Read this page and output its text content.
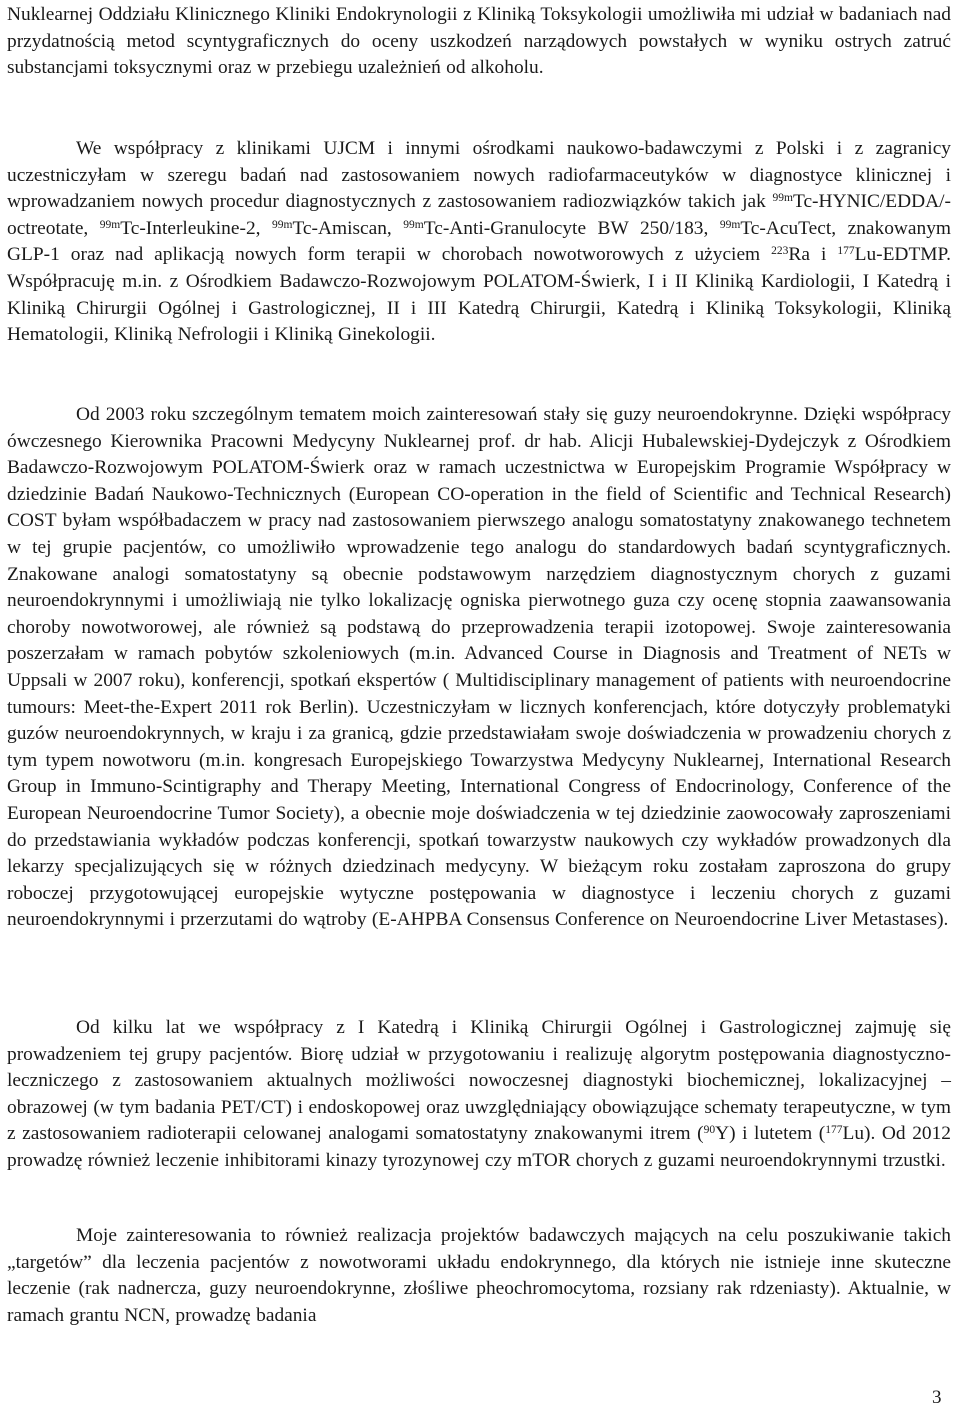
Nuklearnej Oddziału Klinicznego Kliniki Endokrynologii z Kliniką Toksykologii umożliwiła mi udział w badaniach nad przydatnością metod scyntygraficznych do oceny uszkodzeń narządowych powstałych w wyniku ostrych zatruć substancjami toksycznymi oraz w przebiegu uzależnień od alkoholu.

We współpracy z klinikami UJCM i innymi ośrodkami naukowo-badawczymi z Polski i z zagranicy uczestniczyłam w szeregu badań nad zastosowaniem nowych radiofarmaceutyków w diagnostyce klinicznej i wprowadzaniem nowych procedur diagnostycznych z zastosowaniem radiozwiązków takich jak $^{99m}$Tc-HYNIC/EDDA/-octreotate, $^{99m}$Tc-Interleukine-2, $^{99m}$Tc-Amiscan, $^{99m}$Tc-Anti-Granulocyte BW 250/183, $^{99m}$Tc-AcuTect, znakowanym GLP-1 oraz nad aplikacją nowych form terapii w chorobach nowotworowych z użyciem $^{223}$Ra i $^{177}$Lu-EDTMP. Współpracuję m.in. z Ośrodkiem Badawczo-Rozwojowym POLATOM-Świerk, I i II Kliniką Kardiologii, I Katedrą i Kliniką Chirurgii Ogólnej i Gastrologicznej, II i III Katedrą Chirurgii, Katedrą i Kliniką Toksykologii, Kliniką Hematologii, Kliniką Nefrologii i Kliniką Ginekologii.

Od 2003 roku szczególnym tematem moich zainteresowań stały się guzy neuroendokrynne. Dzięki współpracy ówczesnego Kierownika Pracowni Medycyny Nuklearnej prof. dr hab. Alicji Hubalewskiej-Dydejczyk z Ośrodkiem Badawczo-Rozwojowym POLATOM-Świerk oraz w ramach uczestnictwa w Europejskim Programie Współpracy w dziedzinie Badań Naukowo-Technicznych (European CO-operation in the field of Scientific and Technical Research) COST byłam współbadaczem w pracy nad zastosowaniem pierwszego analogu somatostatyny znakowanego technetem w tej grupie pacjentów, co umożliwiło wprowadzenie tego analogu do standardowych badań scyntygraficznych. Znakowane analogi somatostatyny są obecnie podstawowym narzędziem diagnostycznym chorych z guzami neuroendokrynnymi i umożliwiają nie tylko lokalizację ogniska pierwotnego guza czy ocenę stopnia zaawansowania choroby nowotworowej, ale również są podstawą do przeprowadzenia terapii izotopowej. Swoje zainteresowania poszerzałam w ramach pobytów szkoleniowych (m.in. Advanced Course in Diagnosis and Treatment of NETs w Uppsali w 2007 roku), konferencji, spotkań ekspertów ( Multidisciplinary management of patients with neuroendocrine tumours: Meet-the-Expert 2011 rok Berlin). Uczestniczyłam w licznych konferencjach, które dotyczyły problematyki guzów neuroendokrynnych, w kraju i za granicą, gdzie przedstawiałam swoje doświadczenia w prowadzeniu chorych z tym typem nowotworu (m.in. kongresach Europejskiego Towarzystwa Medycyny Nuklearnej, International Research Group in Immuno-Scintigraphy and Therapy Meeting, International Congress of Endocrinology, Conference of the European Neuroendocrine Tumor Society), a obecnie moje doświadczenia w tej dziedzinie zaowocowały zaproszeniami do przedstawiania wykładów podczas konferencji, spotkań towarzystw naukowych czy wykładów prowadzonych dla lekarzy specjalizujących się w różnych dziedzinach medycyny. W bieżącym roku zostałam zaproszona do grupy roboczej przygotowującej europejskie wytyczne postępowania w diagnostyce i leczeniu chorych z guzami neuroendokrynnymi i przerzutami do wątroby (E-AHPBA Consensus Conference on Neuroendocrine Liver Metastases).

Od kilku lat we współpracy z I Katedrą i Kliniką Chirurgii Ogólnej i Gastrologicznej zajmuję się prowadzeniem tej grupy pacjentów. Biorę udział w przygotowaniu i realizuję algorytm postępowania diagnostyczno-leczniczego z zastosowaniem aktualnych możliwości nowoczesnej diagnostyki biochemicznej, lokalizacyjnej – obrazowej (w tym badania PET/CT) i endoskopowej oraz uwzględniający obowiązujące schematy terapeutyczne, w tym z zastosowaniem radioterapii celowanej analogami somatostatyny znakowanymi itrem ($^{90}$Y) i lutetem ($^{177}$Lu). Od 2012 prowadzę również leczenie inhibitorami kinazy tyrozynowej czy mTOR chorych z guzami neuroendokrynnymi trzustki.

Moje zainteresowania to również realizacja projektów badawczych mających na celu poszukiwanie takich „targetów” dla leczenia pacjentów z nowotworami układu endokrynnego, dla których nie istnieje inne skuteczne leczenie (rak nadnercza, guzy neuroendokrynne, złośliwe pheochromocytoma, rozsiany rak rdzeniasty). Aktualnie, w ramach grantu NCN, prowadzę badania

3
